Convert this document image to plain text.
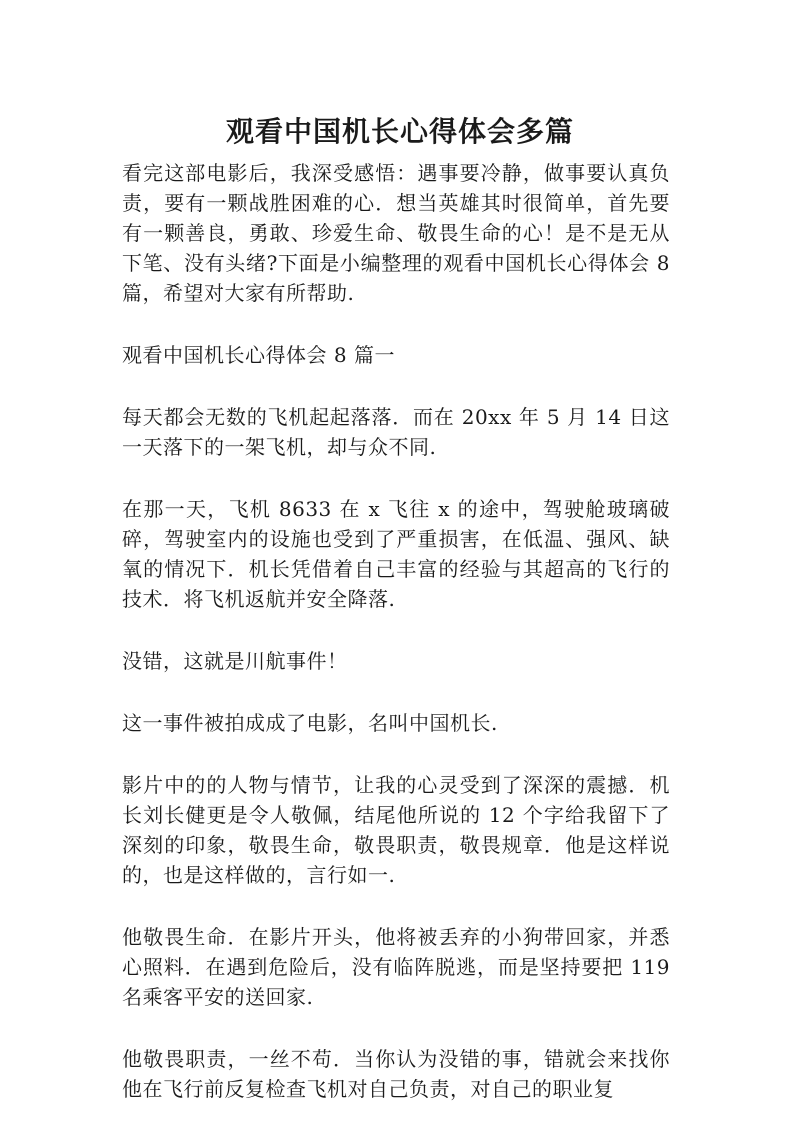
观看中国机长心得体会多篇

看完这部电影后，我深受感悟：遇事要冷静，做事要认真负责，要有一颗战胜困难的心．想当英雄其时很简单，首先要有一颗善良，勇敢、珍爱生命、敬畏生命的心！是不是无从下笔、没有头绪?下面是小编整理的观看中国机长心得体会 8 篇，希望对大家有所帮助.

观看中国机长心得体会 8 篇一

每天都会无数的飞机起起落落．而在 20xx 年 5 月 14 日这一天落下的一架飞机，却与众不同.

在那一天，飞机 8633 在 x 飞往 x 的途中，驾驶舱玻璃破碎，驾驶室内的设施也受到了严重损害，在低温、强风、缺氧的情况下．机长凭借着自己丰富的经验与其超高的飞行的技术．将飞机返航并安全降落.

没错，这就是川航事件！

这一事件被拍成成了电影，名叫中国机长.

影片中的的人物与情节，让我的心灵受到了深深的震撼．机长刘长健更是令人敬佩，结尾他所说的 12 个字给我留下了深刻的印象，敬畏生命，敬畏职责，敬畏规章．他是这样说的，也是这样做的，言行如一.

他敬畏生命．在影片开头，他将被丢弃的小狗带回家，并悉心照料．在遇到危险后，没有临阵脱逃，而是坚持要把 119 名乘客平安的送回家.

他敬畏职责，一丝不苟．当你认为没错的事，错就会来找你他在飞行前反复检查飞机对自己负责，对自己的职业复
